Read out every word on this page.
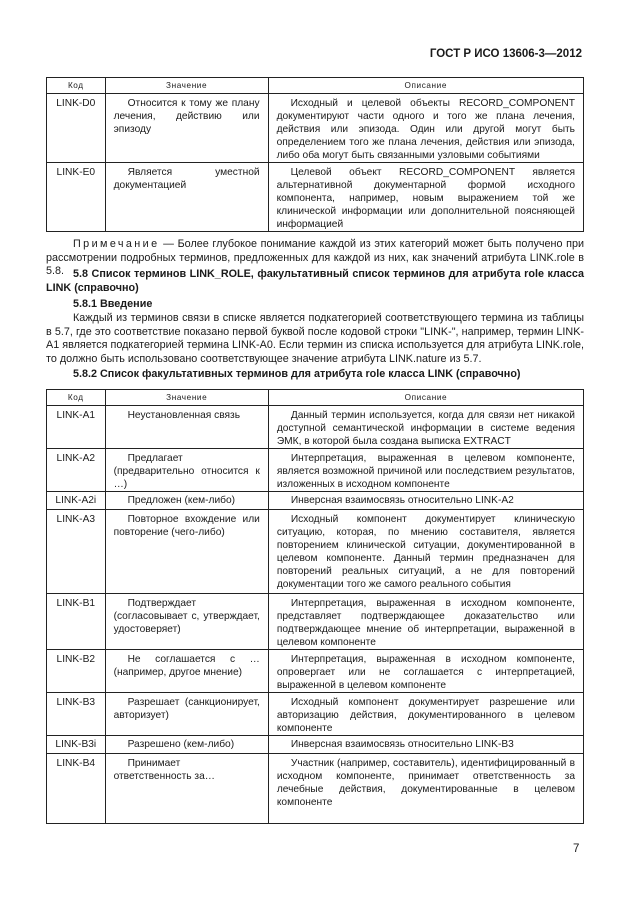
ГОСТ Р ИСО 13606-3—2012
Код	Значение	Описание
LINK-D0	Относится к тому же плану лечения, действию или эпизоду	Исходный и целевой объекты RECORD_COMPONENT документируют части одного и того же плана лечения, действия или эпизода. Один или другой могут быть определением того же плана лечения, действия или эпизода, либо оба могут быть связанными узловыми событиями
LINK-E0	Является уместной документацией	Целевой объект RECORD_COMPONENT является альтернативной документарной формой исходного компонента, например, новым выражением той же клинической информации или дополнительной поясняющей информацией
Примечание — Более глубокое понимание каждой из этих категорий может быть получено при рассмотрении подробных терминов, предложенных для каждой из них, как значений атрибута LINK.role в 5.8. 5.8 Список терминов LINK_ROLE, факультативный список терминов для атрибута role класса LINK (справочно)
5.8.1 Введение
Каждый из терминов связи в списке является подкатегорией соответствующего термина из таблицы в 5.7, где это соответствие показано первой буквой после кодовой строки "LINK-", например, термин LINK-A1 является подкатегорией термина LINK-A0. Если термин из списка используется для атрибута LINK.role, то должно быть использовано соответствующее значение атрибута LINK.nature из 5.7.
5.8.2 Список факультативных терминов для атрибута role класса LINK (справочно)
Код	Значение	Описание
LINK-A1	Неустановленная связь	Данный термин используется, когда для связи нет никакой доступной семантической информации в системе ведения ЭМК, в которой была создана выписка EXTRACT
LINK-A2	Предлагает (предварительно относится к …)	Интерпретация, выраженная в целевом компоненте, является возможной причиной или последствием результатов, изложенных в исходном компоненте
LINK-A2i	Предложен (кем-либо)	Инверсная взаимосвязь относительно LINK-A2
LINK-A3	Повторное вхождение или повторение (чего-либо)	Исходный компонент документирует клиническую ситуацию, которая, по мнению составителя, является повторением клинической ситуации, документированной в целевом компоненте. Данный термин предназначен для повторений реальных ситуаций, а не для повторений документации того же самого реального события
LINK-B1	Подтверждает (согласовывает с, утверждает, удостоверяет)	Интерпретация, выраженная в исходном компоненте, представляет подтверждающее доказательство или подтверждающее мнение об интерпретации, выраженной в целевом компоненте
LINK-B2	Не соглашается с … (например, другое мнение)	Интерпретация, выраженная в исходном компоненте, опровергает или не соглашается с интерпретацией, выраженной в целевом компоненте
LINK-B3	Разрешает (санкционирует, авторизует)	Исходный компонент документирует разрешение или авторизацию действия, документированного в целевом компоненте
LINK-B3i	Разрешено (кем-либо)	Инверсная взаимосвязь относительно LINK-B3
LINK-B4	Принимает ответственность за…	Участник (например, составитель), идентифицированный в исходном компоненте, принимает ответственность за лечебные действия, документированные в целевом компоненте
7
